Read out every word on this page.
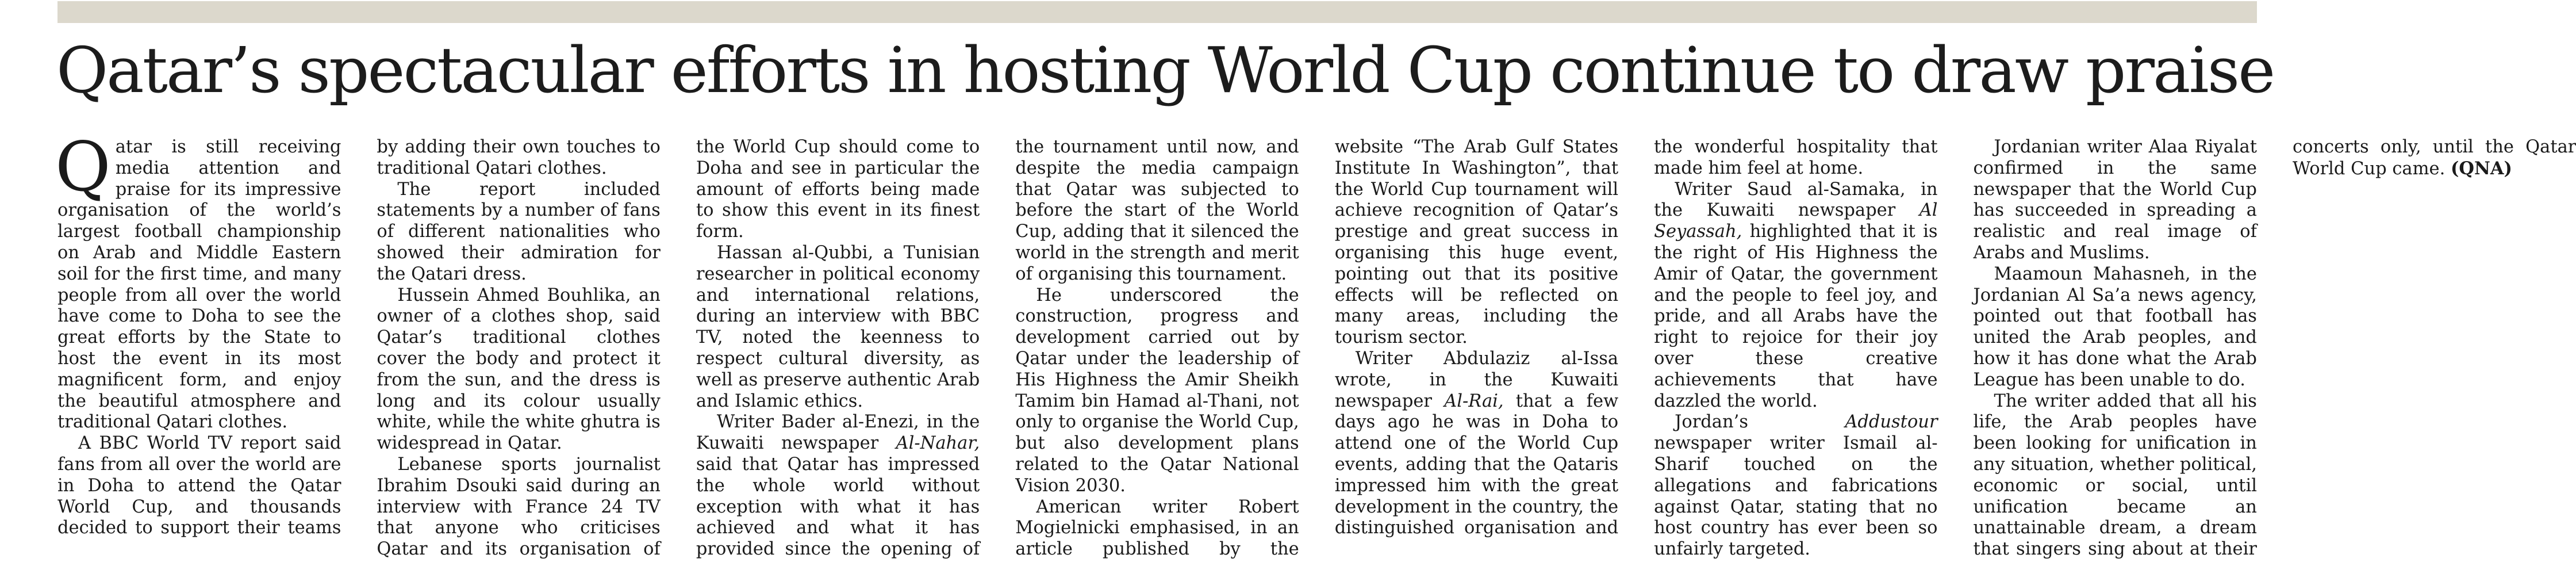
Qatar’s spectacular efforts in hosting World Cup continue to draw praise

Qatar is still receiving media attention and praise for its impressive organisation of the world’s largest football championship on Arab and Middle Eastern soil for the first time, and many people from all over the world have come to Doha to see the great efforts by the State to host the event in its most magnificent form, and enjoy the beautiful atmosphere and traditional Qatari clothes.

A BBC World TV report said fans from all over the world are in Doha to attend the Qatar World Cup, and thousands decided to support their teams by adding their own touches to traditional Qatari clothes.

The report included statements by a number of fans of different nationalities who showed their admiration for the Qatari dress.

Hussein Ahmed Bouhlika, an owner of a clothes shop, said Qatar’s traditional clothes cover the body and protect it from the sun, and the dress is long and its colour usually white, while the white ghutra is widespread in Qatar.

Lebanese sports journalist Ibrahim Dsouki said during an interview with France 24 TV that anyone who criticises Qatar and its organisation of the World Cup should come to Doha and see in particular the amount of efforts being made to show this event in its finest form.

Hassan al-Qubbi, a Tunisian researcher in political economy and international relations, during an interview with BBC TV, noted the keenness to respect cultural diversity, as well as preserve authentic Arab and Islamic ethics.

Writer Bader al-Enezi, in the Kuwaiti newspaper Al-Nahar, said that Qatar has impressed the whole world without exception with what it has achieved and what it has provided since the opening of the tournament until now, and despite the media campaign that Qatar was subjected to before the start of the World Cup, adding that it silenced the world in the strength and merit of organising this tournament.

He underscored the construction, progress and development carried out by Qatar under the leadership of His Highness the Amir Sheikh Tamim bin Hamad al-Thani, not only to organise the World Cup, but also development plans related to the Qatar National Vision 2030.

American writer Robert Mogielnicki emphasised, in an article published by the website “The Arab Gulf States Institute In Washington”, that the World Cup tournament will achieve recognition of Qatar’s prestige and great success in organising this huge event, pointing out that its positive effects will be reflected on many areas, including the tourism sector.

Writer Abdulaziz al-Issa wrote, in the Kuwaiti newspaper Al-Rai, that a few days ago he was in Doha to attend one of the World Cup events, adding that the Qataris impressed him with the great development in the country, the distinguished organisation and the wonderful hospitality that made him feel at home.

Writer Saud al-Samaka, in the Kuwaiti newspaper Al Seyassah, highlighted that it is the right of His Highness the Amir of Qatar, the government and the people to feel joy, and pride, and all Arabs have the right to rejoice for their joy over these creative achievements that have dazzled the world.

Jordan’s Addustour newspaper writer Ismail al-Sharif touched on the allegations and fabrications against Qatar, stating that no host country has ever been so unfairly targeted.

Jordanian writer Alaa Riyalat confirmed in the same newspaper that the World Cup has succeeded in spreading a realistic and real image of Arabs and Muslims.

Maamoun Mahasneh, in the Jordanian Al Sa’a news agency, pointed out that football has united the Arab peoples, and how it has done what the Arab League has been unable to do.

The writer added that all his life, the Arab peoples have been looking for unification in any situation, whether political, economic or social, until unification became an unattainable dream, a dream that singers sing about at their concerts only, until the Qatar World Cup came. (QNA)
